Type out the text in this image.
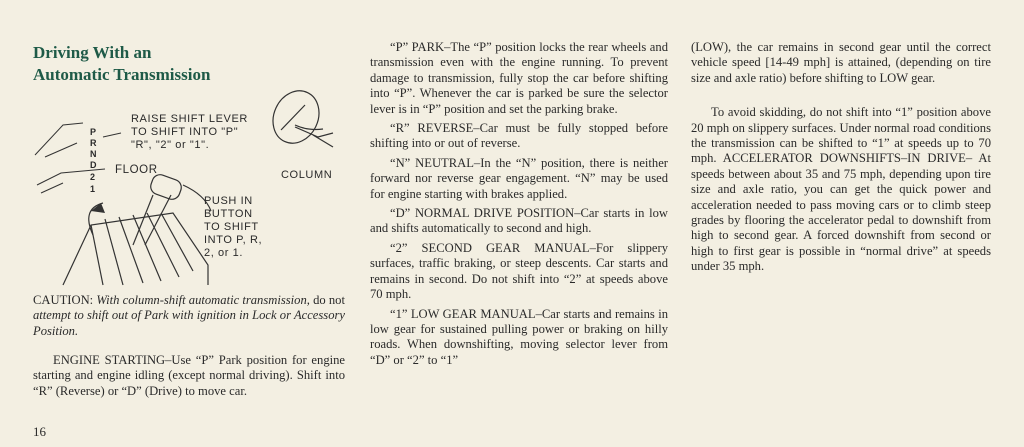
Driving With an
Automatic Transmission
P
R
N
D
2
1
RAISE SHIFT LEVER
TO SHIFT INTO "P"
"R", "2" or "1".
FLOOR	COLUMN
PUSH IN
BUTTON
TO SHIFT
INTO P, R,
2, or 1.

CAUTION: With column-shift automatic transmission, do not attempt to shift out of Park with ignition in Lock or Accessory Position.

ENGINE STARTING–Use “P” Park position for engine starting and engine idling (except normal driving). Shift into “R” (Reverse) or “D” (Drive) to move car.

“P” PARK–The “P” position locks the rear wheels and transmission even with the engine running. To prevent damage to transmission, fully stop the car before shifting into “P”. Whenever the car is parked be sure the selector lever is in “P” position and set the parking brake.

“R” REVERSE–Car must be fully stopped before shifting into or out of reverse.

“N” NEUTRAL–In the “N” position, there is neither forward nor reverse gear engagement. “N” may be used for engine starting with brakes applied.

“D” NORMAL DRIVE POSITION–Car starts in low and shifts automatically to second and high.

“2” SECOND GEAR MANUAL–For slippery surfaces, traffic braking, or steep descents. Car starts and remains in second. Do not shift into “2” at speeds above 70 mph.

“1” LOW GEAR MANUAL–Car starts and remains in low gear for sustained pulling power or braking on hilly roads. When downshifting, moving selector lever from “D” or “2” to “1”

(LOW), the car remains in second gear until the correct vehicle speed [14-49 mph] is attained, (depending on tire size and axle ratio) before shifting to LOW gear.

To avoid skidding, do not shift into “1” position above 20 mph on slippery surfaces. Under normal road conditions the transmission can be shifted to “1” at speeds up to 70 mph. ACCELERATOR DOWNSHIFTS–IN DRIVE– At speeds between about 35 and 75 mph, depending upon tire size and axle ratio, you can get the quick power and acceleration needed to pass moving cars or to climb steep grades by flooring the accelerator pedal to downshift from high to second gear. A forced downshift from second or high to first gear is possible in “normal drive” at speeds under 35 mph.

16
